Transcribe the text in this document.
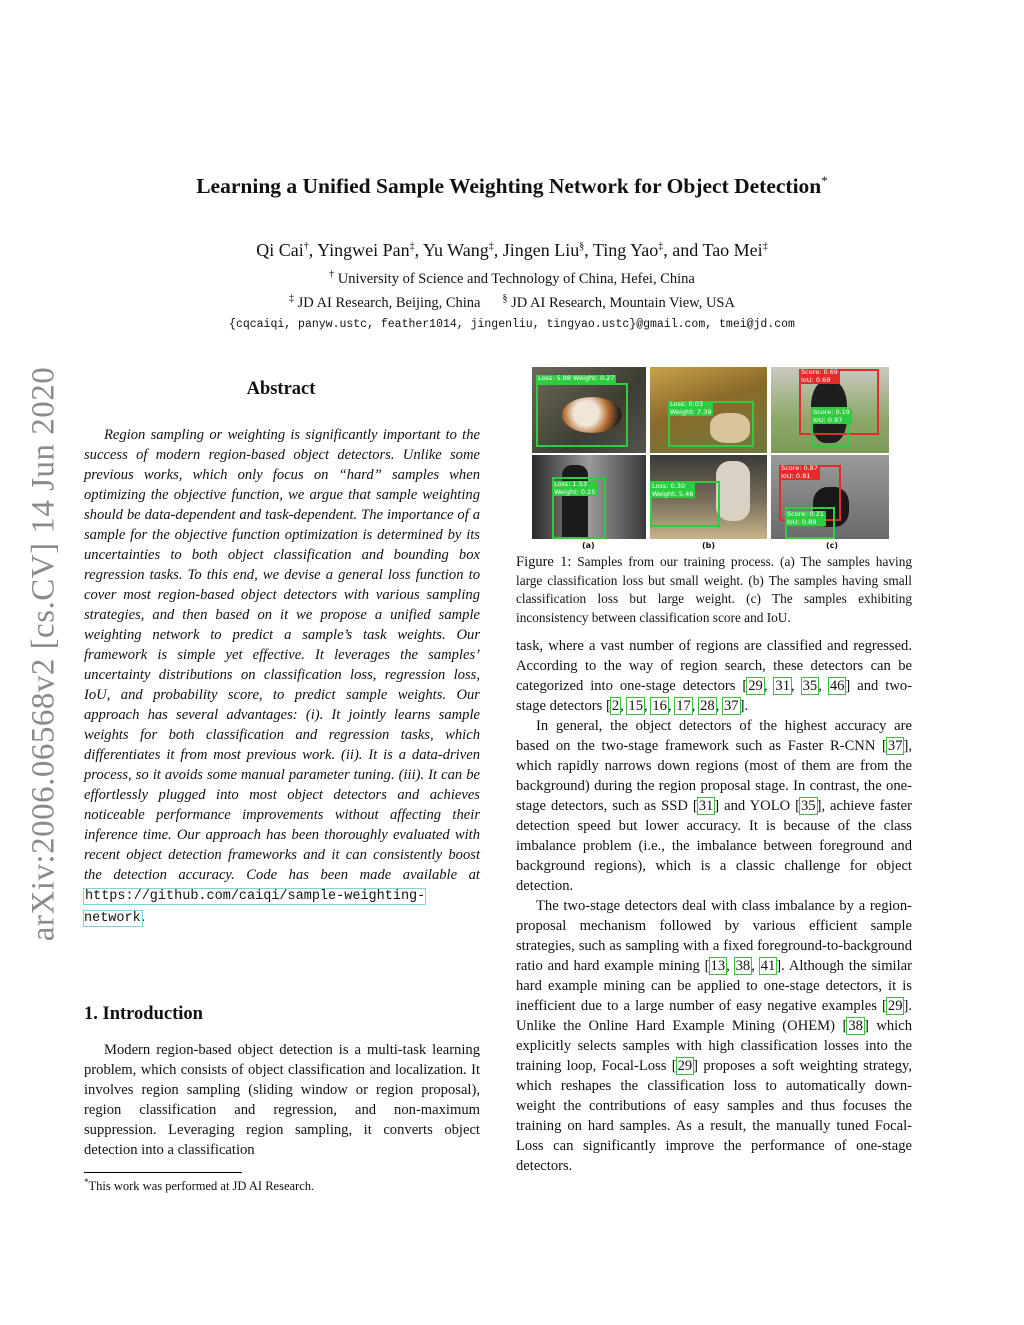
arXiv:2006.06568v2 [cs.CV] 14 Jun 2020
Learning a Unified Sample Weighting Network for Object Detection*
Qi Cai†, Yingwei Pan‡, Yu Wang‡, Jingen Liu§, Ting Yao‡, and Tao Mei‡
† University of Science and Technology of China, Hefei, China
‡ JD AI Research, Beijing, China § JD AI Research, Mountain View, USA
{cqcaiqi, panyw.ustc, feather1014, jingenliu, tingyao.ustc}@gmail.com, tmei@jd.com
Abstract

Region sampling or weighting is significantly important to the success of modern region-based object detectors. Unlike some previous works, which only focus on “hard” samples when optimizing the objective function, we argue that sample weighting should be data-dependent and task-dependent. The importance of a sample for the objective function optimization is determined by its uncertainties to both object classification and bounding box regression tasks. To this end, we devise a general loss function to cover most region-based object detectors with various sampling strategies, and then based on it we propose a unified sample weighting network to predict a sample’s task weights. Our framework is simple yet effective. It leverages the samples’ uncertainty distributions on classification loss, regression loss, IoU, and probability score, to predict sample weights. Our approach has several advantages: (i). It jointly learns sample weights for both classification and regression tasks, which differentiates it from most previous work. (ii). It is a data-driven process, so it avoids some manual parameter tuning. (iii). It can be effortlessly plugged into most object detectors and achieves noticeable performance improvements without affecting their inference time. Our approach has been thoroughly evaluated with recent object detection frameworks and it can consistently boost the detection accuracy. Code has been made available at https://github.com/caiqi/sample-weighting-network.

1. Introduction

Modern region-based object detection is a multi-task learning problem, which consists of object classification and localization. It involves region sampling (sliding window or region proposal), region classification and regression, and non-maximum suppression. Leveraging region sampling, it converts object detection into a classification

*This work was performed at JD AI Research.
Loss: 5.88 Weight: 0.27
Loss: 0.03
Weight: 7.39
Score: 0.69
IoU: 0.69
Score: 0.19
IoU: 0.97
Loss: 1.53
Weight: 0.25
Loss: 0.30
Weight: 5.46
Score: 0.87
IoU: 0.81
Score: 0.21
IoU: 0.89
(a)	(b)	(c)

Figure 1: Samples from our training process. (a) The samples having large classification loss but small weight. (b) The samples having small classification loss but large weight. (c) The samples exhibiting inconsistency between classification score and IoU.

task, where a vast number of regions are classified and regressed. According to the way of region search, these detectors can be categorized into one-stage detectors [29, 31, 35, 46] and two-stage detectors [2, 15, 16, 17, 28, 37].

In general, the object detectors of the highest accuracy are based on the two-stage framework such as Faster R-CNN [37], which rapidly narrows down regions (most of them are from the background) during the region proposal stage. In contrast, the one-stage detectors, such as SSD [31] and YOLO [35], achieve faster detection speed but lower accuracy. It is because of the class imbalance problem (i.e., the imbalance between foreground and background regions), which is a classic challenge for object detection.

The two-stage detectors deal with class imbalance by a region-proposal mechanism followed by various efficient sample strategies, such as sampling with a fixed foreground-to-background ratio and hard example mining [13, 38, 41]. Although the similar hard example mining can be applied to one-stage detectors, it is inefficient due to a large number of easy negative examples [29]. Unlike the Online Hard Example Mining (OHEM) [38] which explicitly selects samples with high classification losses into the training loop, Focal-Loss [29] proposes a soft weighting strategy, which reshapes the classification loss to automatically down-weight the contributions of easy samples and thus focuses the training on hard samples. As a result, the manually tuned Focal-Loss can significantly improve the performance of one-stage detectors.
